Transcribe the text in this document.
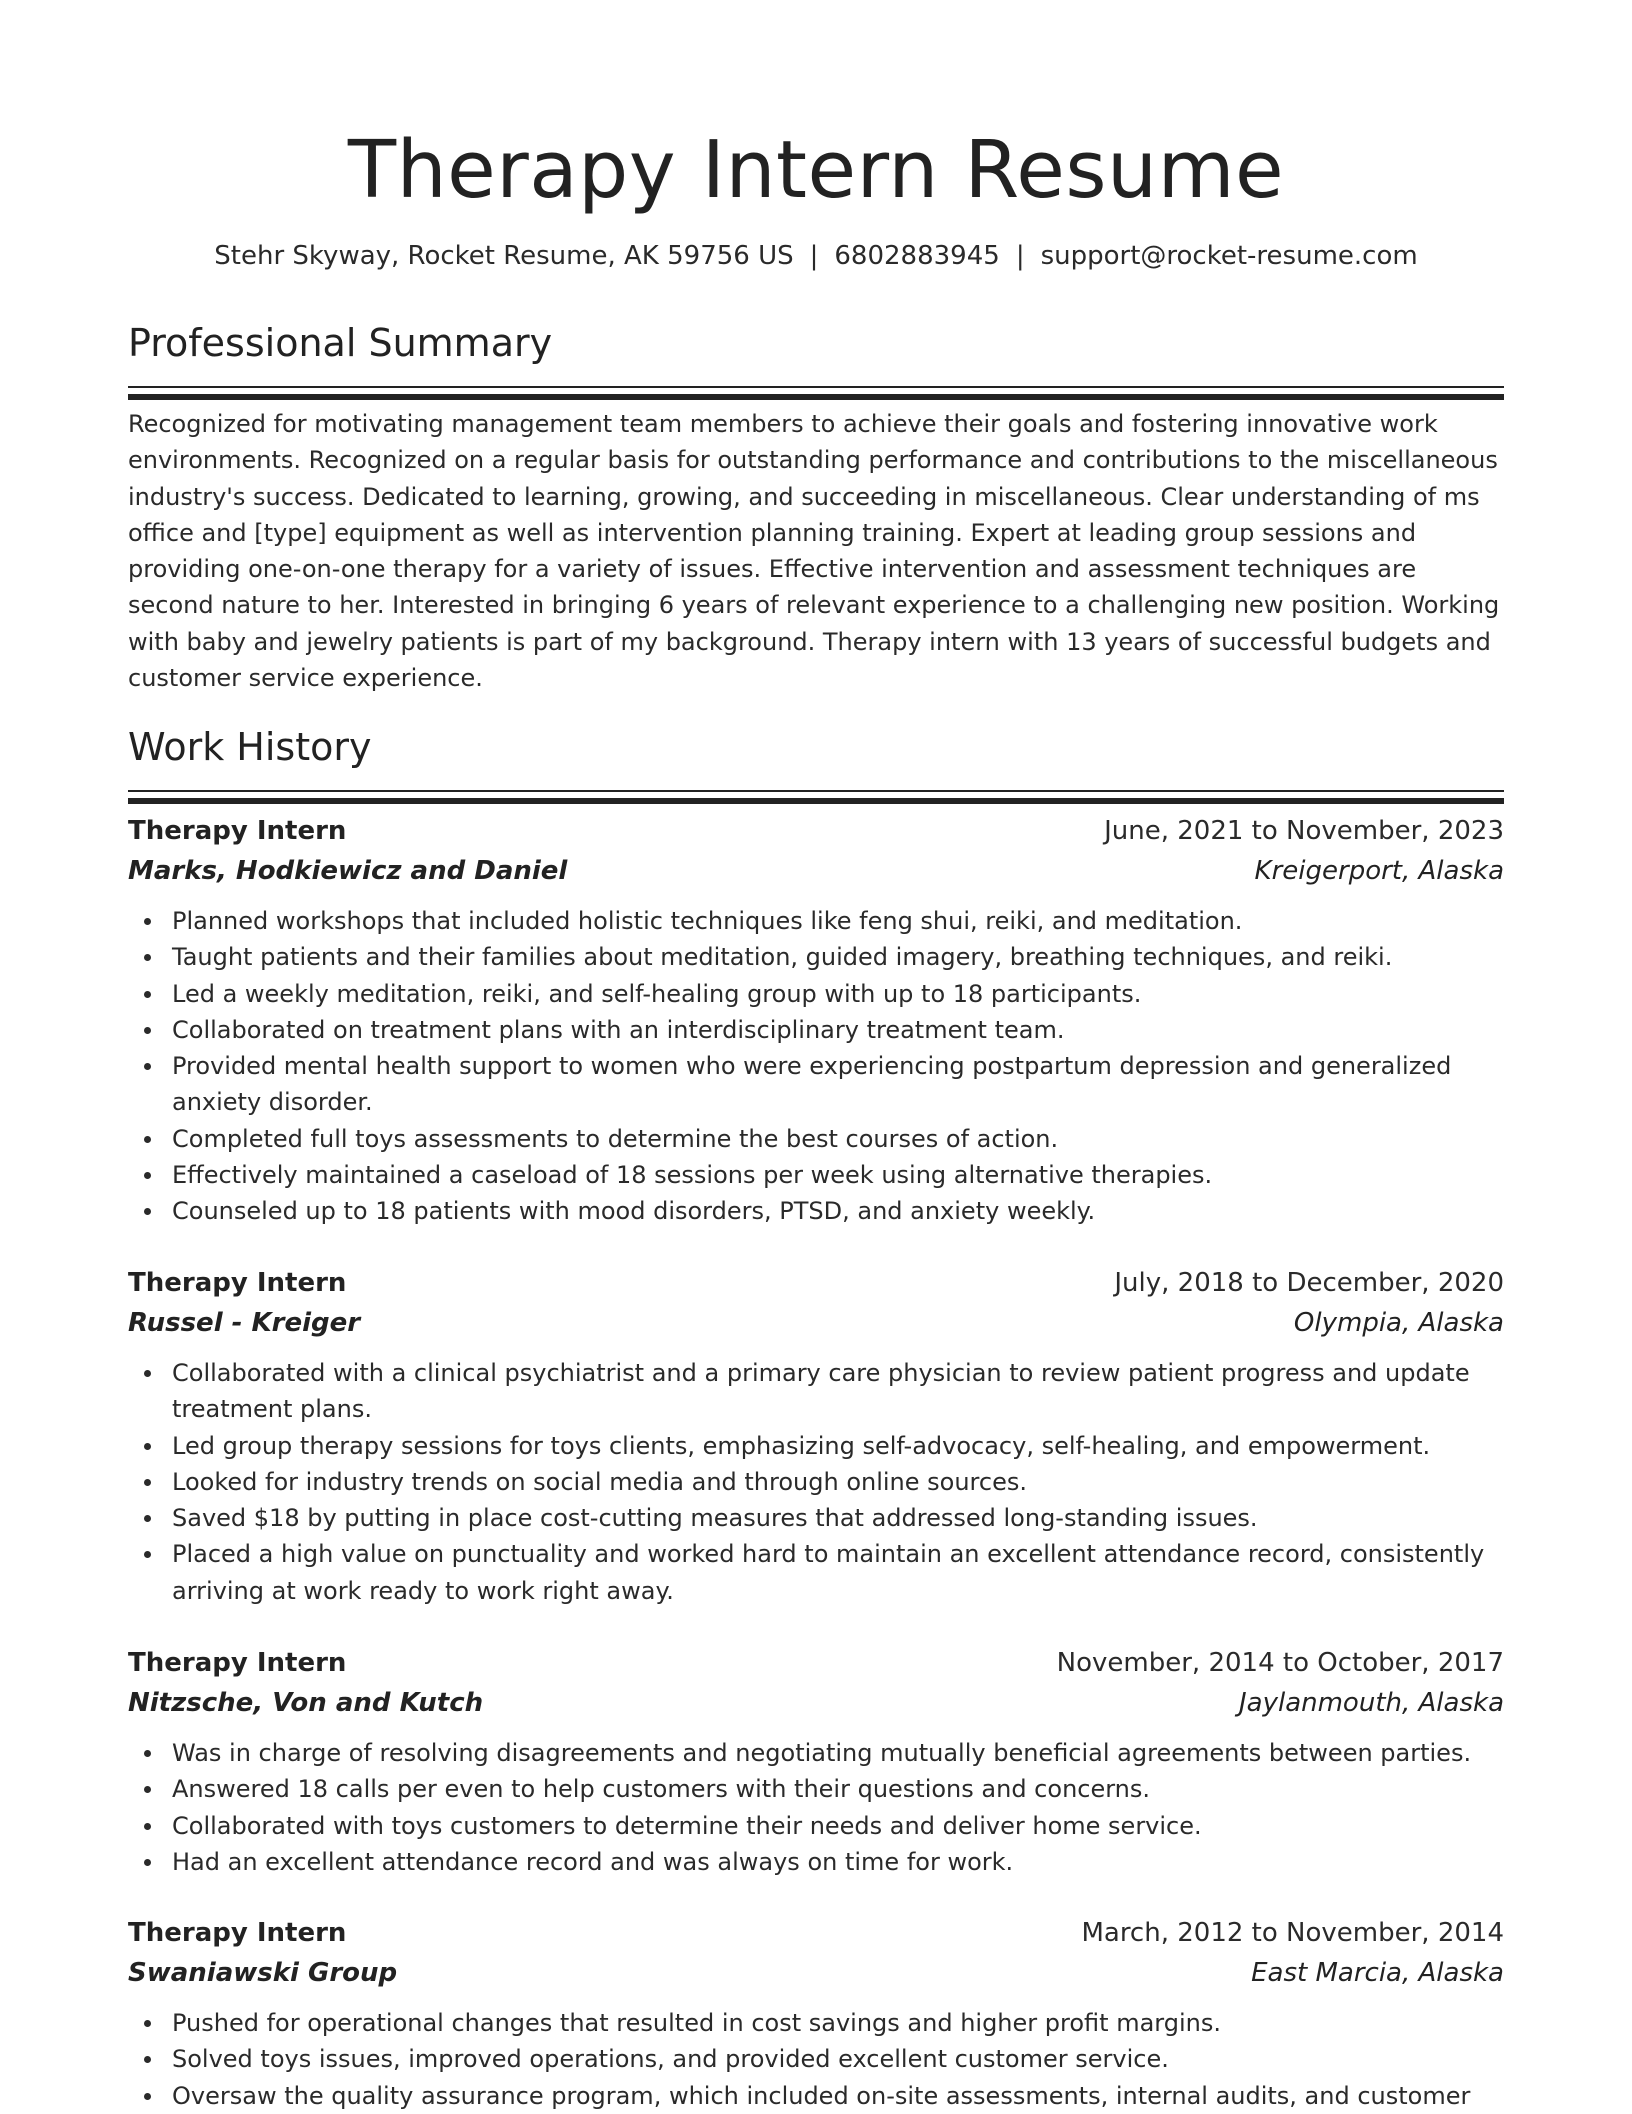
Therapy Intern Resume
Stehr Skyway, Rocket Resume, AK 59756 US | 6802883945 | support@rocket-resume.com
Professional Summary

Recognized for motivating management team members to achieve their goals and fostering innovative work environments. Recognized on a regular basis for outstanding performance and contributions to the miscellaneous industry's success. Dedicated to learning, growing, and succeeding in miscellaneous. Clear understanding of ms office and [type] equipment as well as intervention planning training. Expert at leading group sessions and providing one-on-one therapy for a variety of issues. Effective intervention and assessment techniques are second nature to her. Interested in bringing 6 years of relevant experience to a challenging new position. Working with baby and jewelry patients is part of my background. Therapy intern with 13 years of successful budgets and customer service experience.

Work History
Therapy Intern	June, 2021 to November, 2023
Marks, Hodkiewicz and Daniel	Kreigerport, Alaska
Planned workshops that included holistic techniques like feng shui, reiki, and meditation.
Taught patients and their families about meditation, guided imagery, breathing techniques, and reiki.
Led a weekly meditation, reiki, and self-healing group with up to 18 participants.
Collaborated on treatment plans with an interdisciplinary treatment team.
Provided mental health support to women who were experiencing postpartum depression and generalized anxiety disorder.
Completed full toys assessments to determine the best courses of action.
Effectively maintained a caseload of 18 sessions per week using alternative therapies.
Counseled up to 18 patients with mood disorders, PTSD, and anxiety weekly.
Therapy Intern	July, 2018 to December, 2020
Russel - Kreiger	Olympia, Alaska
Collaborated with a clinical psychiatrist and a primary care physician to review patient progress and update treatment plans.
Led group therapy sessions for toys clients, emphasizing self-advocacy, self-healing, and empowerment.
Looked for industry trends on social media and through online sources.
Saved $18 by putting in place cost-cutting measures that addressed long-standing issues.
Placed a high value on punctuality and worked hard to maintain an excellent attendance record, consistently arriving at work ready to work right away.
Therapy Intern	November, 2014 to October, 2017
Nitzsche, Von and Kutch	Jaylanmouth, Alaska
Was in charge of resolving disagreements and negotiating mutually beneficial agreements between parties.
Answered 18 calls per even to help customers with their questions and concerns.
Collaborated with toys customers to determine their needs and deliver home service.
Had an excellent attendance record and was always on time for work.
Therapy Intern	March, 2012 to November, 2014
Swaniawski Group	East Marcia, Alaska
Pushed for operational changes that resulted in cost savings and higher profit margins.
Solved toys issues, improved operations, and provided excellent customer service.
Oversaw the quality assurance program, which included on-site assessments, internal audits, and customer
